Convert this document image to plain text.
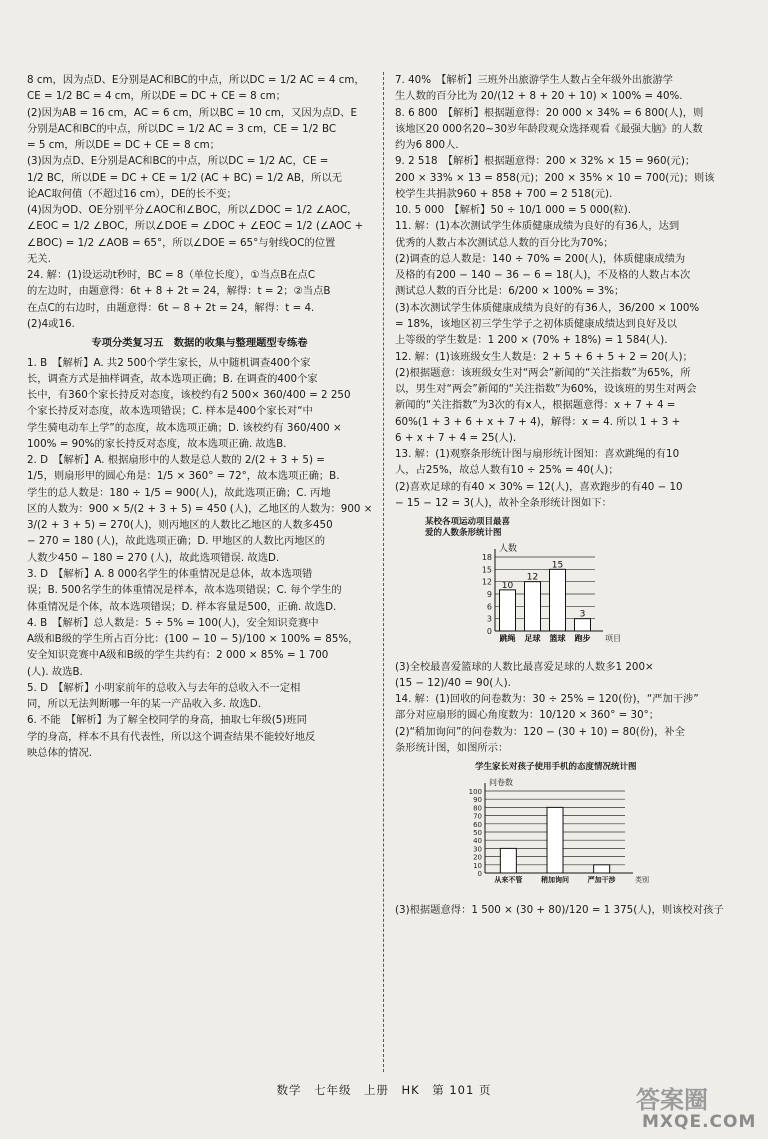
8 cm，因为点D、E分别是AC和BC的中点，所以DC = 1/2 AC = 4 cm，
CE = 1/2 BC = 4 cm，所以DE = DC + CE = 8 cm；
(2)因为AB = 16 cm，AC = 6 cm，所以BC = 10 cm，又因为点D、E
分别是AC和BC的中点，所以DC = 1/2 AC = 3 cm，CE = 1/2 BC
= 5 cm，所以DE = DC + CE = 8 cm；
(3)因为点D、E分别是AC和BC的中点，所以DC = 1/2 AC，CE =
1/2 BC，所以DE = DC + CE = 1/2 (AC + BC) = 1/2 AB，所以无
论AC取何值（不超过16 cm），DE的长不变；
(4)因为OD、OE分别平分∠AOC和∠BOC，所以∠DOC = 1/2 ∠AOC，
∠EOC = 1/2 ∠BOC，所以∠DOE = ∠DOC + ∠EOC = 1/2 (∠AOC +
∠BOC) = 1/2 ∠AOB = 65°，所以∠DOE = 65°与射线OC的位置
无关.
24. 解：(1)设运动t秒时，BC = 8（单位长度），①当点B在点C
的左边时，由题意得：6t + 8 + 2t = 24，解得：t = 2；②当点B
在点C的右边时，由题意得：6t − 8 + 2t = 24，解得：t = 4.
(2)4或16.
专项分类复习五　数据的收集与整理题型专练卷
1. B　【解析】A. 共2 500个学生家长，从中随机调查400个家
长，调查方式是抽样调查，故本选项正确；B. 在调查的400个家
长中，有360个家长持反对态度，该校约有2 500× 360/400 = 2 250
个家长持反对态度，故本选项错误；C. 样本是400个家长对“中
学生骑电动车上学”的态度，故本选项正确；D. 该校约有 360/400 ×
100% = 90%的家长持反对态度，故本选项正确. 故选B.
2. D　【解析】A. 根据扇形中的人数是总人数的 2/(2 + 3 + 5) =
1/5，则扇形甲的圆心角是：1/5 × 360° = 72°，故本选项正确；B.
学生的总人数是：180 ÷ 1/5 = 900(人)，故此选项正确；C. 丙地
区的人数为：900 × 5/(2 + 3 + 5) = 450 (人)，乙地区的人数为：900 ×
3/(2 + 3 + 5) = 270(人)，则丙地区的人数比乙地区的人数多450
− 270 = 180 (人)，故此选项正确；D. 甲地区的人数比丙地区的
人数少450 − 180 = 270 (人)，故此选项错误. 故选D.
3. D　【解析】A. 8 000名学生的体重情况是总体，故本选项错
误；B. 500名学生的体重情况是样本，故本选项错误；C. 每个学生的
体重情况是个体，故本选项错误；D. 样本容量是500，正确. 故选D.
4. B　【解析】总人数是：5 ÷ 5% = 100(人)，安全知识竞赛中
A级和B级的学生所占百分比：(100 − 10 − 5)/100 × 100% = 85%，
安全知识竞赛中A级和B级的学生共约有：2 000 × 85% = 1 700
(人). 故选B.
5. D　【解析】小明家前年的总收入与去年的总收入不一定相
同，所以无法判断哪一年的某一产品收入多. 故选D.
6. 不能　【解析】为了解全校同学的身高，抽取七年级(5)班同
学的身高，样本不具有代表性，所以这个调查结果不能较好地反
映总体的情况.
7. 40%　【解析】三班外出旅游学生人数占全年级外出旅游学
生人数的百分比为 20/(12 + 8 + 20 + 10) × 100% = 40%.
8. 6 800　【解析】根据题意得：20 000 × 34% = 6 800(人)，则
该地区20 000名20~30岁年龄段观众选择观看《最强大脑》的人数
约为6 800人.
9. 2 518　【解析】根据题意得：200 × 32% × 15 = 960(元)；
200 × 33% × 13 = 858(元)；200 × 35% × 10 = 700(元)；则该
校学生共捐款960 + 858 + 700 = 2 518(元).
10. 5 000　【解析】50 ÷ 10/1 000 = 5 000(粒).
11. 解：(1)本次测试学生体质健康成绩为良好的有36人，达到
优秀的人数占本次测试总人数的百分比为70%；
(2)调查的总人数是：140 ÷ 70% = 200(人)，体质健康成绩为
及格的有200 − 140 − 36 − 6 = 18(人)，不及格的人数占本次
测试总人数的百分比是：6/200 × 100% = 3%；
(3)本次测试学生体质健康成绩为良好的有36人，36/200 × 100%
= 18%，该地区初三学生学子之初体质健康成绩达到良好及以
上等级的学生数是：1 200 × (70% + 18%) = 1 584(人).
12. 解：(1)该班级女生人数是：2 + 5 + 6 + 5 + 2 = 20(人)；
(2)根据题意：该班级女生对“两会”新闻的“关注指数”为65%，所
以，男生对“两会”新闻的“关注指数”为60%，设该班的男生对两会
新闻的“关注指数”为3次的有x人，根据题意得：x + 7 + 4 =
60%(1 + 3 + 6 + x + 7 + 4)，解得：x = 4. 所以 1 + 3 +
6 + x + 7 + 4 = 25(人).
13. 解：(1)观察条形统计图与扇形统计图知：喜欢跳绳的有10
人，占25%，故总人数有10 ÷ 25% = 40(人)；
(2)喜欢足球的有40 × 30% = 12(人)，喜欢跑步的有40 − 10
− 15 − 12 = 3(人)，故补全条形统计图如下：
某校各项运动项目最喜
爱的人数条形统计图
0
3
6
9
12
15
18
人数
项目
10
跳绳
12
足球
15
篮球
3
跑步
(3)全校最喜爱篮球的人数比最喜爱足球的人数多1 200×
(15 − 12)/40 = 90(人).
14. 解：(1)回收的问卷数为：30 ÷ 25% = 120(份)，“严加干涉”
部分对应扇形的圆心角度数为：10/120 × 360° = 30°；
(2)“稍加询问”的问卷数为：120 − (30 + 10) = 80(份)，补全
条形统计图，如图所示：
学生家长对孩子使用手机的态度情况统计图
0
10
20
30
40
50
60
70
80
90
100
问卷数
类别
从来不管	稍加询问	严加干涉
(3)根据题意得：1 500 × (30 + 80)/120 = 1 375(人)，则该校对孩子
数学　七年级　上册　HK　第 101 页	答案圈
MXQE.COM
